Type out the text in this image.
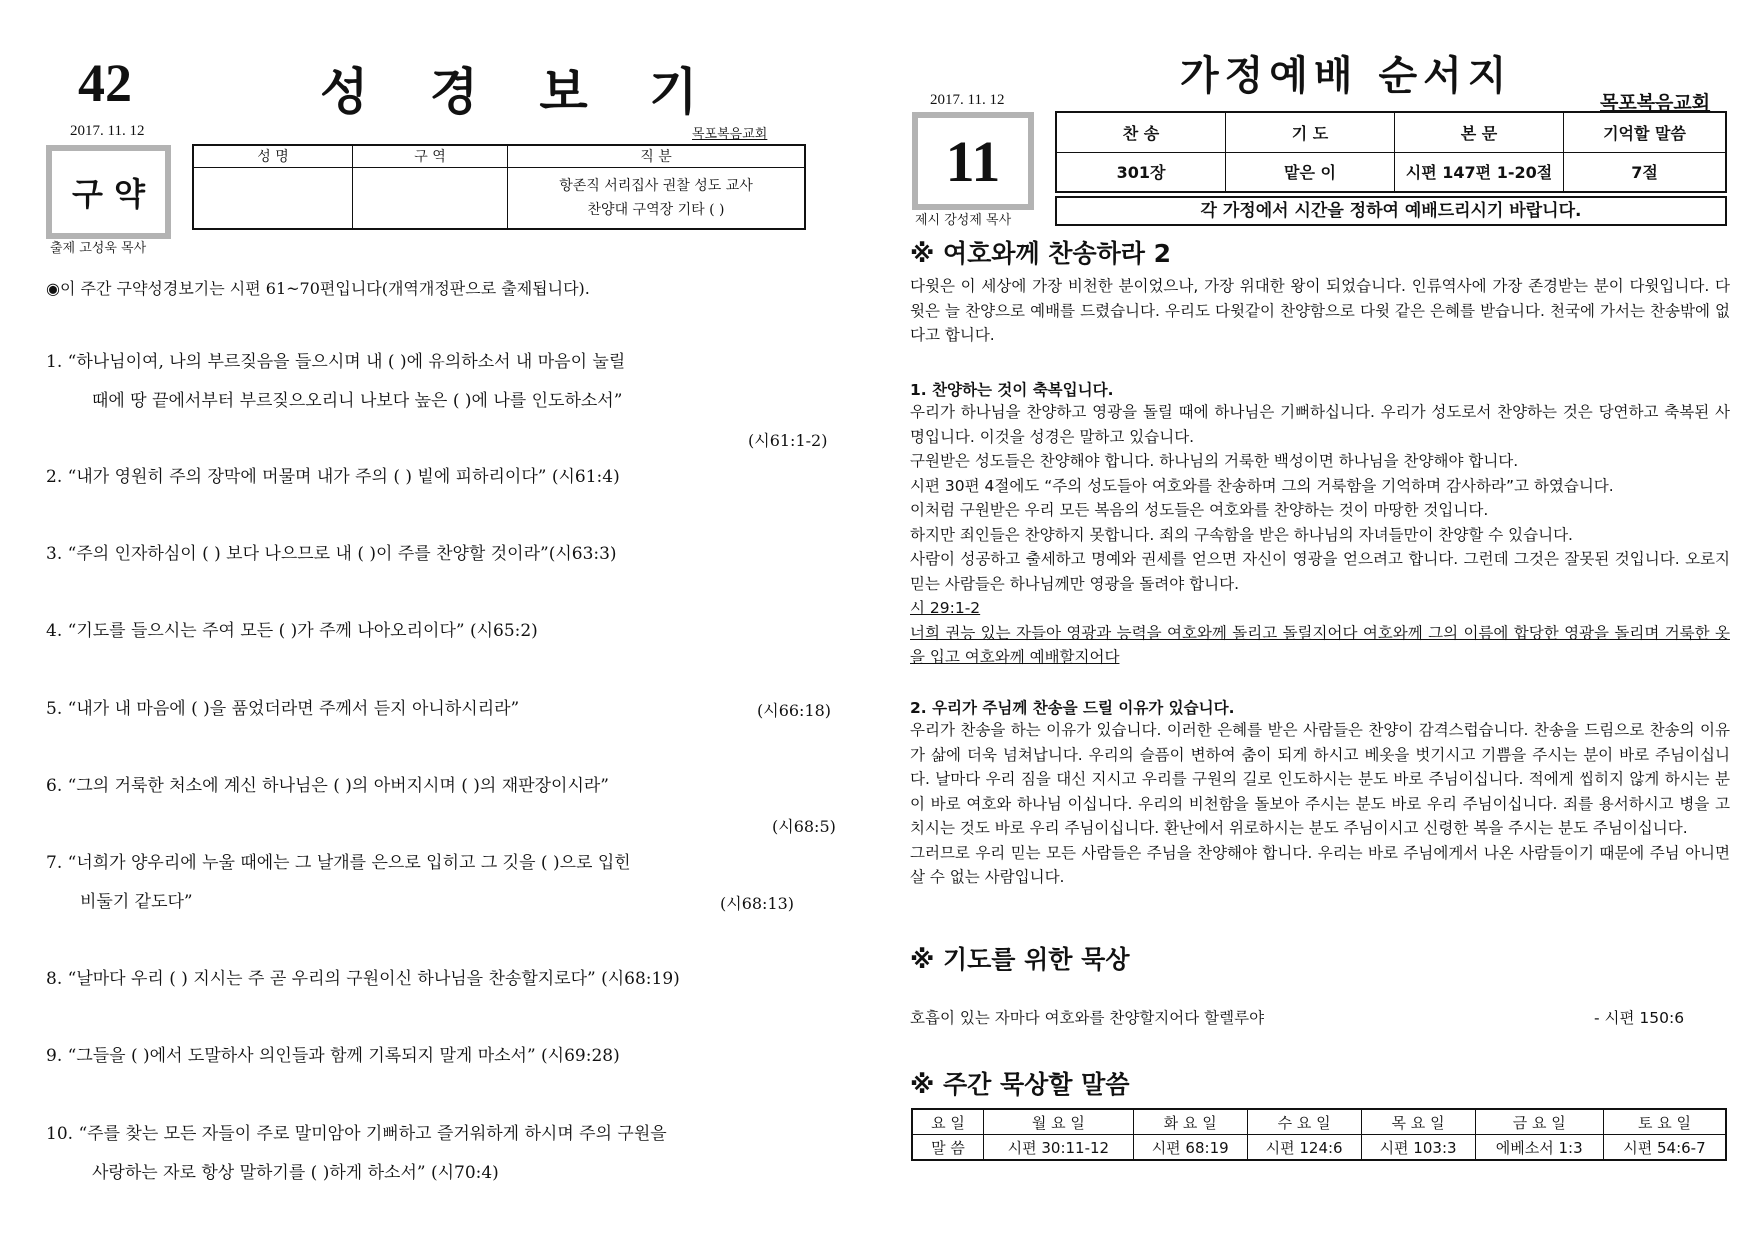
42	성 경 보 기
2017. 11. 12	목포복음교회
구 약
출제 고성욱 목사
성 명	구 역	직 분

		항존직 서리집사 권찰 성도 교사
찬양대 구역장 기타 ( )
◉이 주간 구약성경보기는 시편 61~70편입니다(개역개정판으로 출제됩니다).
1. “하나님이여, 나의 부르짖음을 들으시며 내 ( )에 유의하소서 내 마음이 눌릴
때에 땅 끝에서부터 부르짖으오리니 나보다 높은 ( )에 나를 인도하소서”
(시61:1-2)
2. “내가 영원히 주의 장막에 머물며 내가 주의 ( ) 빝에 피하리이다” (시61:4)
3. “주의 인자하심이 ( ) 보다 나으므로 내 ( )이 주를 찬양할 것이라”(시63:3)
4. “기도를 들으시는 주여 모든 ( )가 주께 나아오리이다” (시65:2)
5. “내가 내 마음에 ( )을 품었더라면 주께서 듣지 아니하시리라”	(시66:18)
6. “그의 거룩한 처소에 계신 하나님은 ( )의 아버지시며 ( )의 재판장이시라”
(시68:5)
7. “너희가 양우리에 누울 때에는 그 날개를 은으로 입히고 그 깃을 ( )으로 입힌
비둘기 같도다”	(시68:13)
8. “날마다 우리 ( ) 지시는 주 곧 우리의 구원이신 하나님을 찬송할지로다” (시68:19)
9. “그들을 ( )에서 도말하사 의인들과 함께 기록되지 말게 마소서” (시69:28)
10. “주를 찾는 모든 자들이 주로 말미암아 기뻐하고 즐거워하게 하시며 주의 구원을
사랑하는 자로 항상 말하기를 ( )하게 하소서” (시70:4)
가정예배 순서지
2017. 11. 12	목포복음교회
11
제시 강성제 목사
찬 송	기 도	본 문	기억할 말씀
301장	맡은 이	시편 147편 1-20절	7절
각 가정에서 시간을 정하여 예배드리시기 바랍니다.
※ 여호와께 찬송하라 2
다윗은 이 세상에 가장 비천한 분이었으나, 가장 위대한 왕이 되었습니다. 인류역사에 가장 존경받는 분이 다윗입니다. 다윗은 늘 찬양으로 예배를 드렸습니다. 우리도 다윗같이 찬양함으로 다윗 같은 은혜를 받습니다. 천국에 가서는 찬송밖에 없다고 합니다.
1. 찬양하는 것이 축복입니다.
우리가 하나님을 찬양하고 영광을 돌릴 때에 하나님은 기뻐하십니다. 우리가 성도로서 찬양하는 것은 당연하고 축복된 사명입니다. 이것을 성경은 말하고 있습니다.
구원받은 성도들은 찬양해야 합니다. 하나님의 거룩한 백성이면 하나님을 찬양해야 합니다.
시편 30편 4절에도 “주의 성도들아 여호와를 찬송하며 그의 거룩함을 기억하며 감사하라”고 하였습니다.
이처럼 구원받은 우리 모든 복음의 성도들은 여호와를 찬양하는 것이 마땅한 것입니다.
하지만 죄인들은 찬양하지 못합니다. 죄의 구속함을 받은 하나님의 자녀들만이 찬양할 수 있습니다.
사람이 성공하고 출세하고 명예와 권세를 얻으면 자신이 영광을 얻으려고 합니다. 그런데 그것은 잘못된 것입니다. 오로지 믿는 사람들은 하나님께만 영광을 돌려야 합니다.
시 29:1-2
너희 권능 있는 자들아 영광과 능력을 여호와께 돌리고 돌릴지어다 여호와께 그의 이름에 합당한 영광을 돌리며 거룩한 옷을 입고 여호와께 예배할지어다
2. 우리가 주님께 찬송을 드릴 이유가 있습니다.
우리가 찬송을 하는 이유가 있습니다. 이러한 은혜를 받은 사람들은 찬양이 감격스럽습니다. 찬송을 드림으로 찬송의 이유가 삶에 더욱 넘쳐납니다. 우리의 슬픔이 변하여 춤이 되게 하시고 베옷을 벗기시고 기쁨을 주시는 분이 바로 주님이십니다. 날마다 우리 짐을 대신 지시고 우리를 구원의 길로 인도하시는 분도 바로 주님이십니다. 적에게 씹히지 않게 하시는 분이 바로 여호와 하나님 이십니다. 우리의 비천함을 돌보아 주시는 분도 바로 우리 주님이십니다. 죄를 용서하시고 병을 고치시는 것도 바로 우리 주님이십니다. 환난에서 위로하시는 분도 주님이시고 신령한 복을 주시는 분도 주님이십니다.
그러므로 우리 믿는 모든 사람들은 주님을 찬양해야 합니다. 우리는 바로 주님에게서 나온 사람들이기 때문에 주님 아니면 살 수 없는 사람입니다.
※ 기도를 위한 묵상
호흡이 있는 자마다 여호와를 찬양할지어다 할렐루야	- 시편 150:6
※ 주간 묵상할 말씀
요 일	월 요 일	화 요 일	수 요 일	목 요 일	금 요 일	토 요 일
말 씀	시편 30:11-12	시편 68:19	시편 124:6	시편 103:3	에베소서 1:3	시편 54:6-7
